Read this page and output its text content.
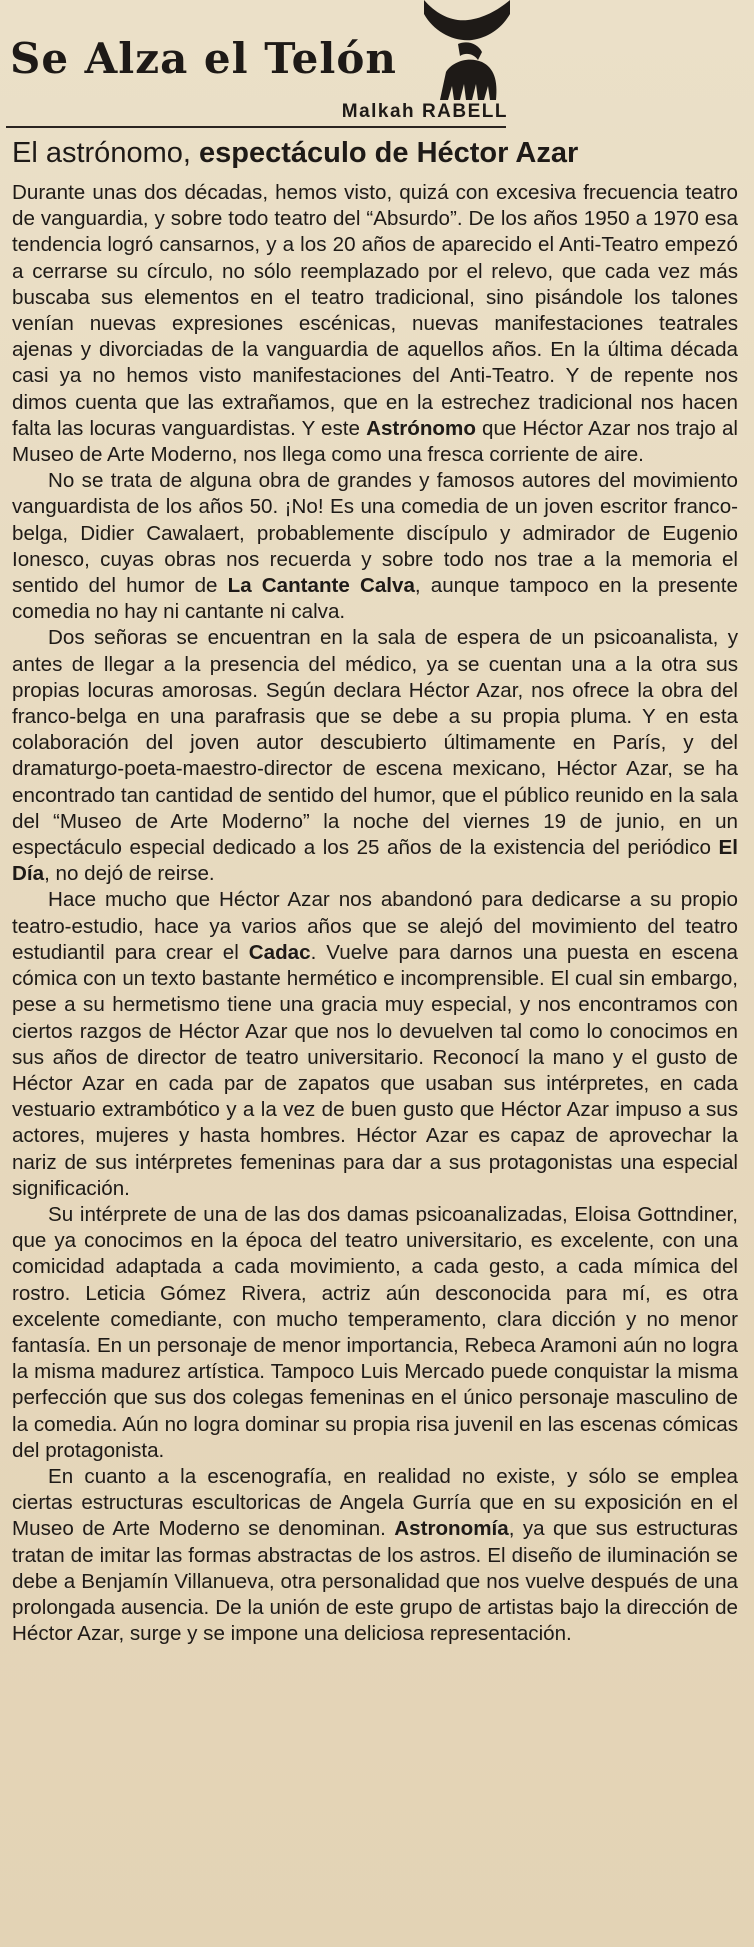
Se Alza el Telón

Malkah RABELL

El astrónomo, espectáculo de Héctor Azar

Durante unas dos décadas, hemos visto, quizá con excesiva frecuencia teatro de vanguardia, y sobre todo teatro del “Absurdo”. De los años 1950 a 1970 esa tendencia logró cansarnos, y a los 20 años de aparecido el Anti-Teatro empezó a cerrarse su círculo, no sólo reemplazado por el relevo, que cada vez más buscaba sus elementos en el teatro tradicional, sino pisándole los talones venían nuevas expresiones escénicas, nuevas manifestaciones teatrales ajenas y divorciadas de la vanguardia de aquellos años. En la última década casi ya no hemos visto manifestaciones del Anti-Teatro. Y de repente nos dimos cuenta que las extrañamos, que en la estrechez tradicional nos hacen falta las locuras vanguardistas. Y este Astrónomo que Héctor Azar nos trajo al Museo de Arte Moderno, nos llega como una fresca corriente de aire.

No se trata de alguna obra de grandes y famosos autores del movimiento vanguardista de los años 50. ¡No! Es una comedia de un joven escritor franco-belga, Didier Cawalaert, probablemente discípulo y admirador de Eugenio Ionesco, cuyas obras nos recuerda y sobre todo nos trae a la memoria el sentido del humor de La Cantante Calva, aunque tampoco en la presente comedia no hay ni cantante ni calva.

Dos señoras se encuentran en la sala de espera de un psicoanalista, y antes de llegar a la presencia del médico, ya se cuentan una a la otra sus propias locuras amorosas. Según declara Héctor Azar, nos ofrece la obra del franco-belga en una parafrasis que se debe a su propia pluma. Y en esta colaboración del joven autor descubierto últimamente en París, y del dramaturgo-poeta-maestro-director de escena mexicano, Héctor Azar, se ha encontrado tan cantidad de sentido del humor, que el público reunido en la sala del “Museo de Arte Moderno” la noche del viernes 19 de junio, en un espectáculo especial dedicado a los 25 años de la existencia del periódico El Día, no dejó de reirse.

Hace mucho que Héctor Azar nos abandonó para dedicarse a su propio teatro-estudio, hace ya varios años que se alejó del movimiento del teatro estudiantil para crear el Cadac. Vuelve para darnos una puesta en escena cómica con un texto bastante hermético e incomprensible. El cual sin embargo, pese a su hermetismo tiene una gracia muy especial, y nos encontramos con ciertos razgos de Héctor Azar que nos lo devuelven tal como lo conocimos en sus años de director de teatro universitario. Reconocí la mano y el gusto de Héctor Azar en cada par de zapatos que usaban sus intérpretes, en cada vestuario extrambótico y a la vez de buen gusto que Héctor Azar impuso a sus actores, mujeres y hasta hombres. Héctor Azar es capaz de aprovechar la nariz de sus intérpretes femeninas para dar a sus protagonistas una especial significación.

Su intérprete de una de las dos damas psicoanalizadas, Eloisa Gottndiner, que ya conocimos en la época del teatro universitario, es excelente, con una comicidad adaptada a cada movimiento, a cada gesto, a cada mímica del rostro. Leticia Gómez Rivera, actriz aún desconocida para mí, es otra excelente comediante, con mucho temperamento, clara dicción y no menor fantasía. En un personaje de menor importancia, Rebeca Aramoni aún no logra la misma madurez artística. Tampoco Luis Mercado puede conquistar la misma perfección que sus dos colegas femeninas en el único personaje masculino de la comedia. Aún no logra dominar su propia risa juvenil en las escenas cómicas del protagonista.

En cuanto a la escenografía, en realidad no existe, y sólo se emplea ciertas estructuras escultoricas de Angela Gurría que en su exposición en el Museo de Arte Moderno se denominan. Astronomía, ya que sus estructuras tratan de imitar las formas abstractas de los astros. El diseño de iluminación se debe a Benjamín Villanueva, otra personalidad que nos vuelve después de una prolongada ausencia. De la unión de este grupo de artistas bajo la dirección de Héctor Azar, surge y se impone una deliciosa representación.
